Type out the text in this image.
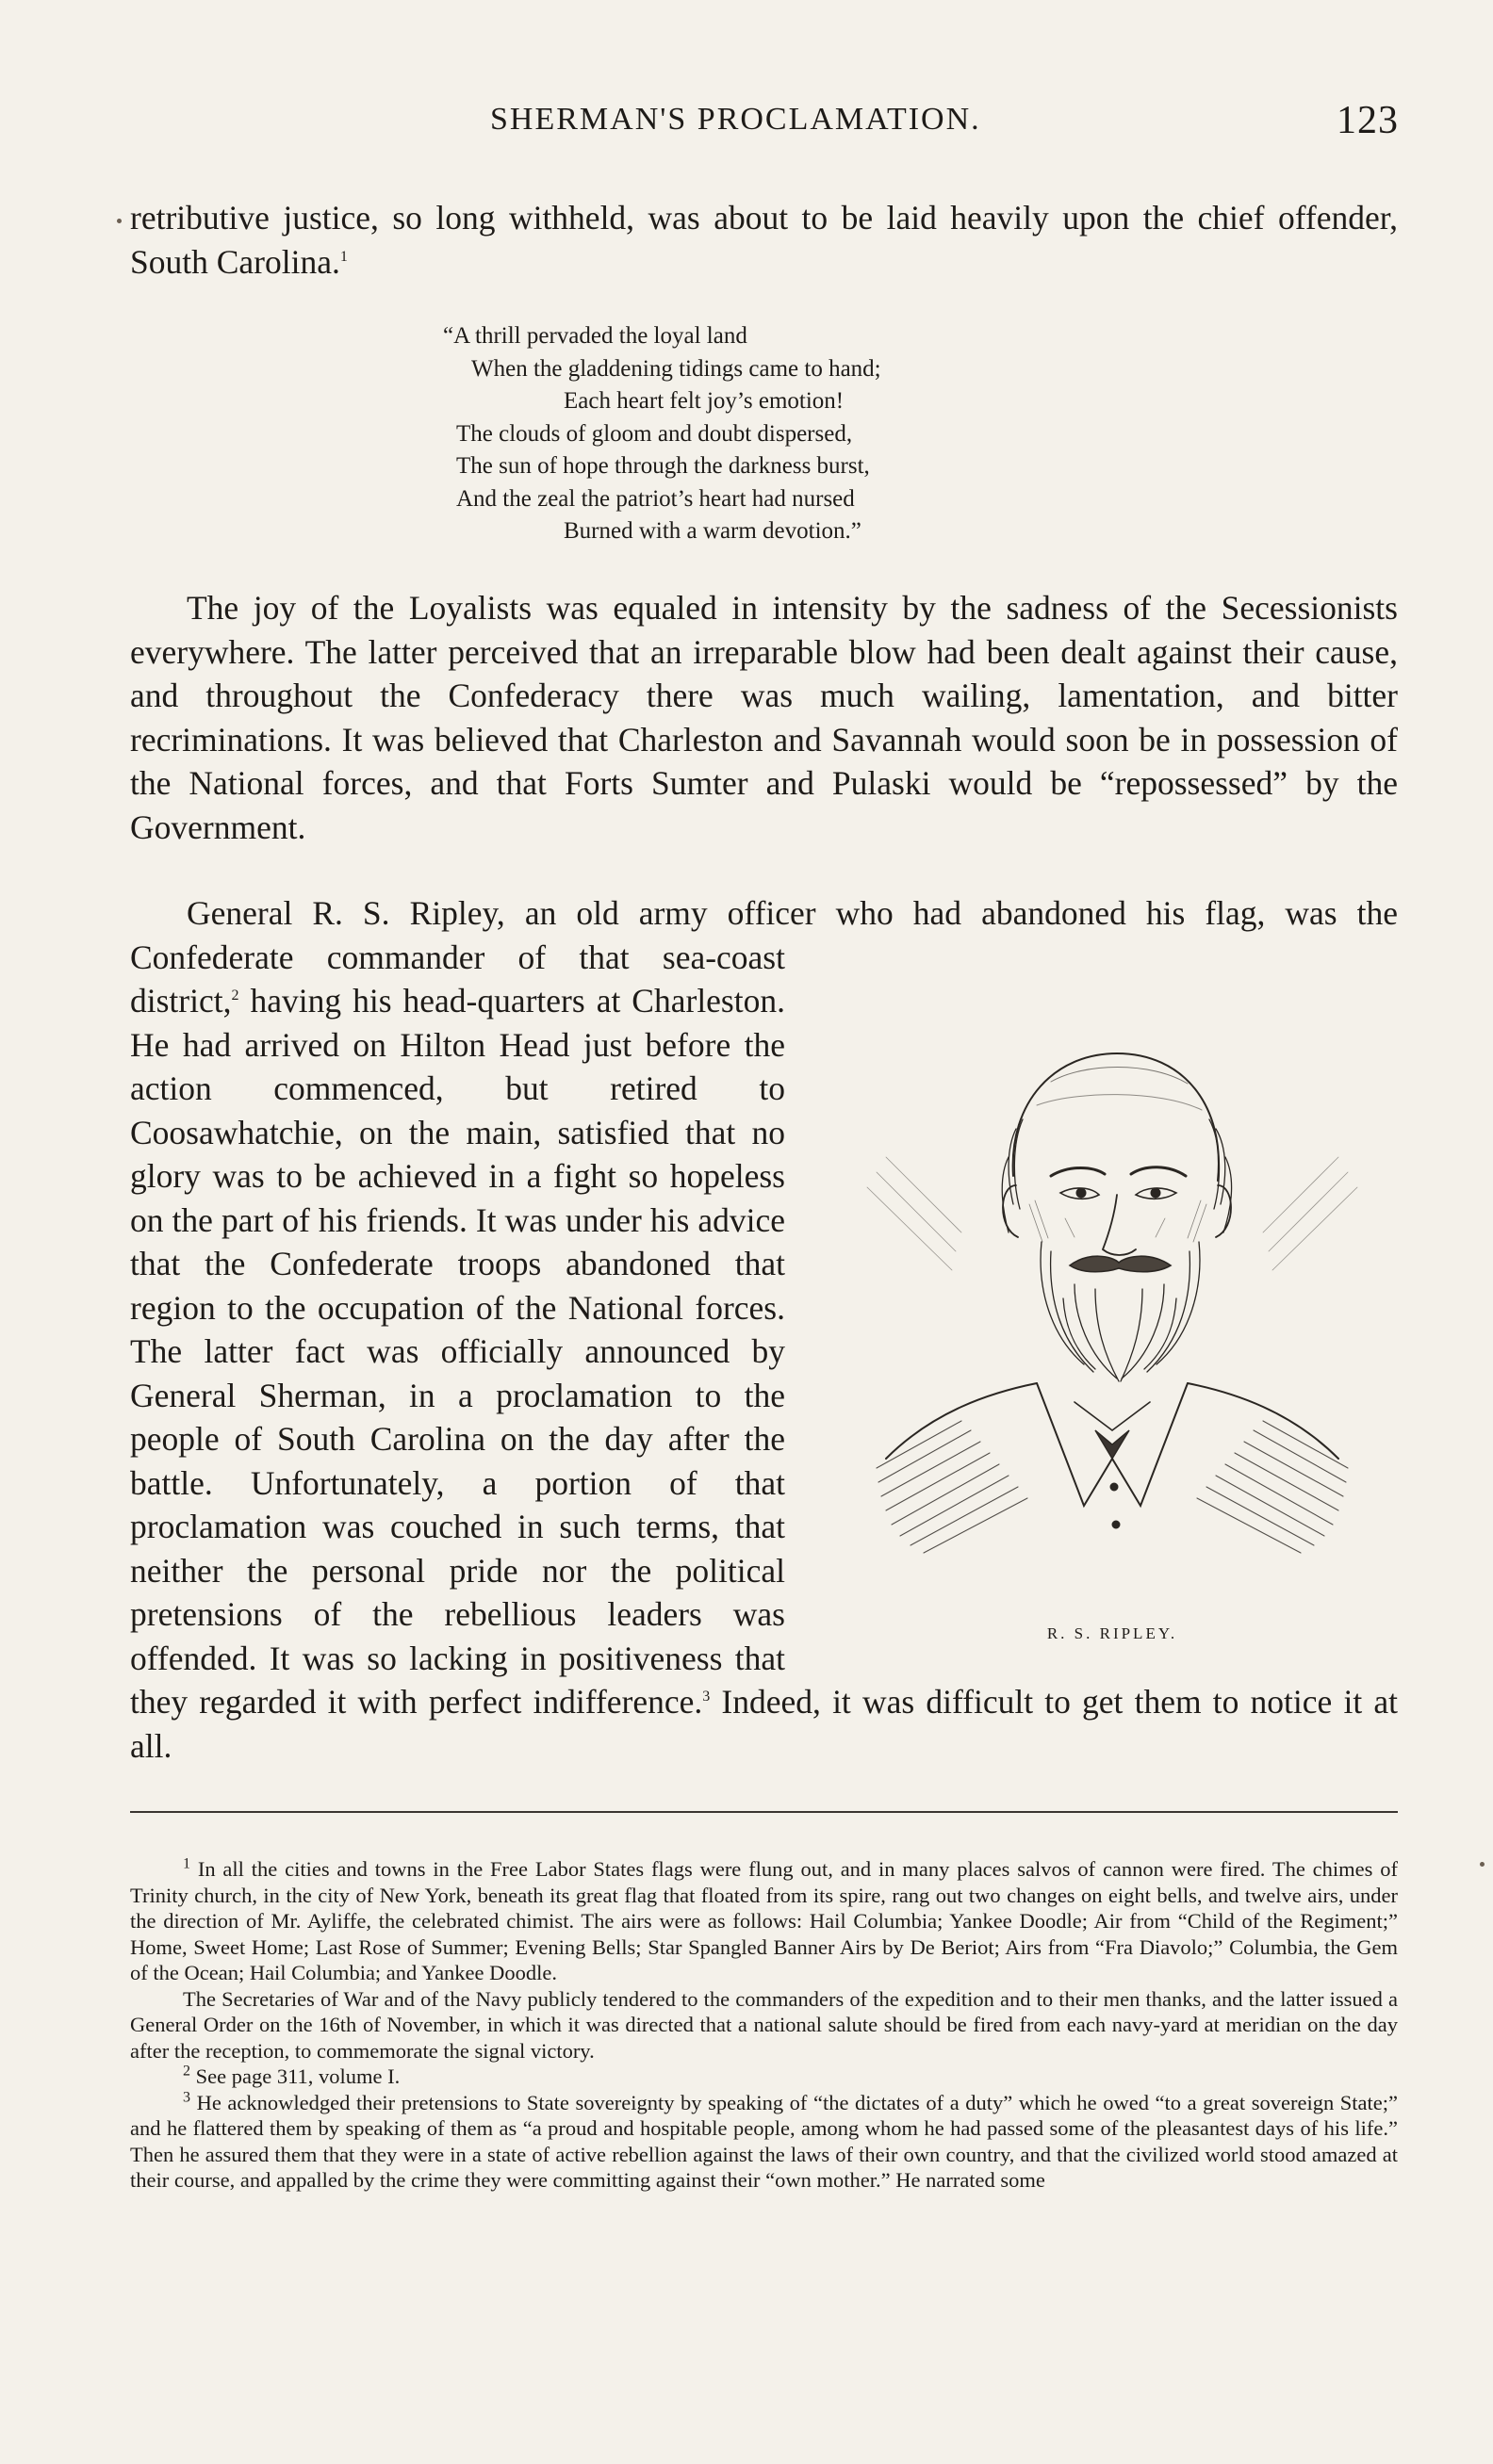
SHERMAN'S PROCLAMATION.	123
retributive justice, so long withheld, was about to be laid heavily upon the chief offender, South Carolina.$^1$
“A thrill pervaded the loyal land
When the gladdening tidings came to hand;
Each heart felt joy’s emotion!
The clouds of gloom and doubt dispersed,
The sun of hope through the darkness burst,
And the zeal the patriot’s heart had nursed
Burned with a warm devotion.”
The joy of the Loyalists was equaled in intensity by the sadness of the Secessionists everywhere. The latter perceived that an irreparable blow had been dealt against their cause, and throughout the Confederacy there was much wailing, lamentation, and bitter recriminations. It was believed that Charleston and Savannah would soon be in possession of the National forces, and that Forts Sumter and Pulaski would be “repossessed” by the Government.
General R. S. Ripley, an old army officer who had abandoned his flag, was the Confederate commander of that sea-coast district,$^2$ having his head-quarters at Charleston. He had arrived on Hilton Head just before the action commenced, but retired to Coosawhatchie, on the main, satisfied that no glory was to be achieved in a fight so hopeless on the part of his friends. It was under his advice that the Confederate troops abandoned that region to the occupation of the National forces. The latter fact was officially announced by General Sherman, in a proclamation to the people of South Carolina on the day after the battle. Unfortunately, a portion of that proclamation was couched in such terms, that neither the personal pride nor the political pretensions of the rebellious leaders was offended. It was so lacking in positiveness that they regarded it with perfect indifference.$^3$ Indeed, it was difficult to get them to notice it at all.
R. S. RIPLEY.

$^1$ In all the cities and towns in the Free Labor States flags were flung out, and in many places salvos of cannon were fired. The chimes of Trinity church, in the city of New York, beneath its great flag that floated from its spire, rang out two changes on eight bells, and twelve airs, under the direction of Mr. Ayliffe, the celebrated chimist. The airs were as follows: Hail Columbia; Yankee Doodle; Air from “Child of the Regiment;” Home, Sweet Home; Last Rose of Summer; Evening Bells; Star Spangled Banner Airs by De Beriot; Airs from “Fra Diavolo;” Columbia, the Gem of the Ocean; Hail Columbia; and Yankee Doodle.

The Secretaries of War and of the Navy publicly tendered to the commanders of the expedition and to their men thanks, and the latter issued a General Order on the 16th of November, in which it was directed that a national salute should be fired from each navy-yard at meridian on the day after the reception, to commemorate the signal victory.

$^2$ See page 311, volume I.

$^3$ He acknowledged their pretensions to State sovereignty by speaking of “the dictates of a duty” which he owed “to a great sovereign State;” and he flattered them by speaking of them as “a proud and hospitable people, among whom he had passed some of the pleasantest days of his life.” Then he assured them that they were in a state of active rebellion against the laws of their own country, and that the civilized world stood amazed at their course, and appalled by the crime they were committing against their “own mother.” He narrated some
